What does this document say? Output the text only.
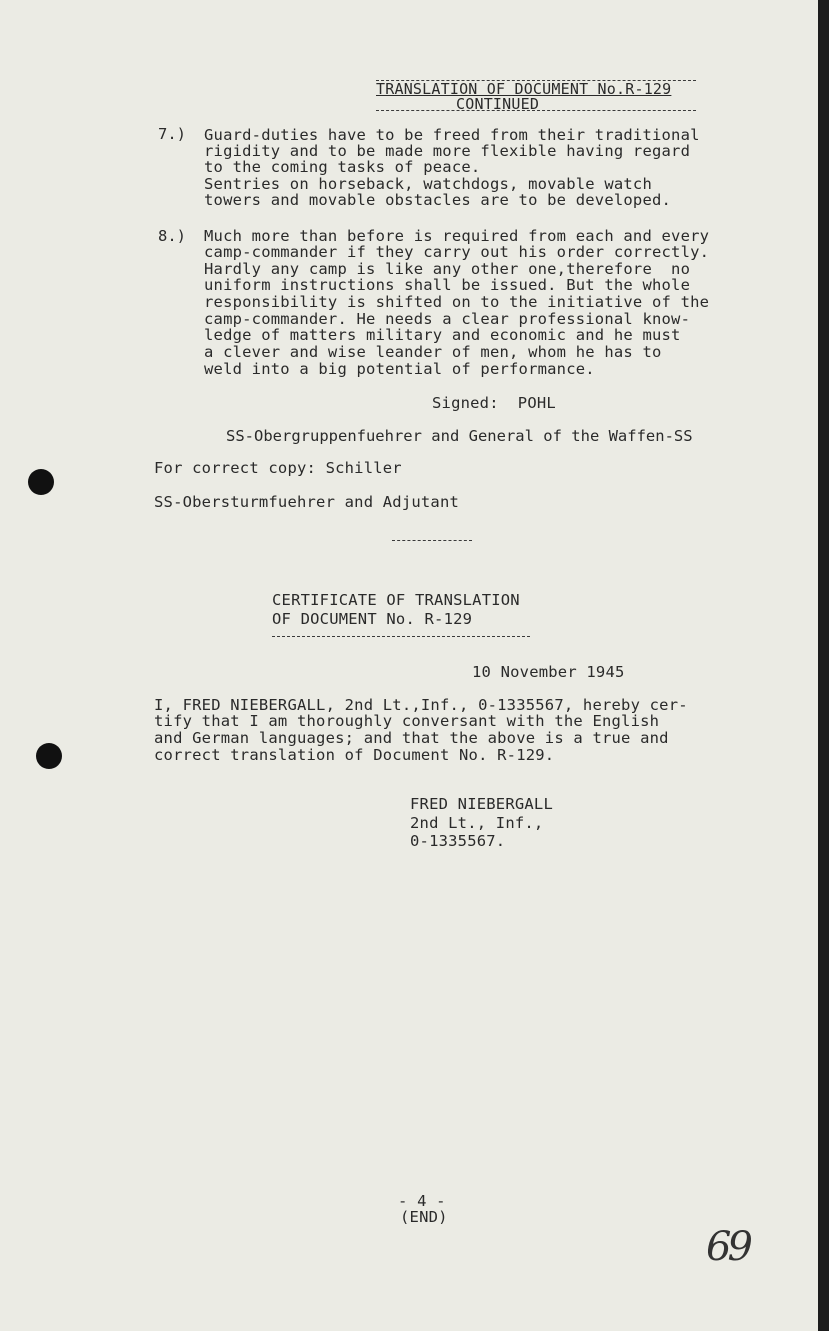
TRANSLATION OF DOCUMENT No.R-129
CONTINUED
7.) Guard-duties have to be freed from their traditional
rigidity and to be made more flexible having regard
to the coming tasks of peace.
Sentries on horseback, watchdogs, movable watch
towers and movable obstacles are to be developed.
8.) Much more than before is required from each and every
camp-commander if they carry out his order correctly.
Hardly any camp is like any other one,therefore  no
uniform instructions shall be issued. But the whole
responsibility is shifted on to the initiative of the
camp-commander. He needs a clear professional know-
ledge of matters military and economic and he must
a clever and wise leander of men, whom he has to
weld into a big potential of performance.
Signed:  POHL
SS-Obergruppenfuehrer and General of the Waffen-SS
For correct copy: Schiller
SS-Obersturmfuehrer and Adjutant
CERTIFICATE OF TRANSLATION
OF DOCUMENT No. R-129
10 November 1945
I, FRED NIEBERGALL, 2nd Lt.,Inf., 0-1335567, hereby cer-
tify that I am thoroughly conversant with the English
and German languages; and that the above is a true and
correct translation of Document No. R-129.
FRED NIEBERGALL
2nd Lt., Inf.,
0-1335567.
- 4 -
(END)
69
